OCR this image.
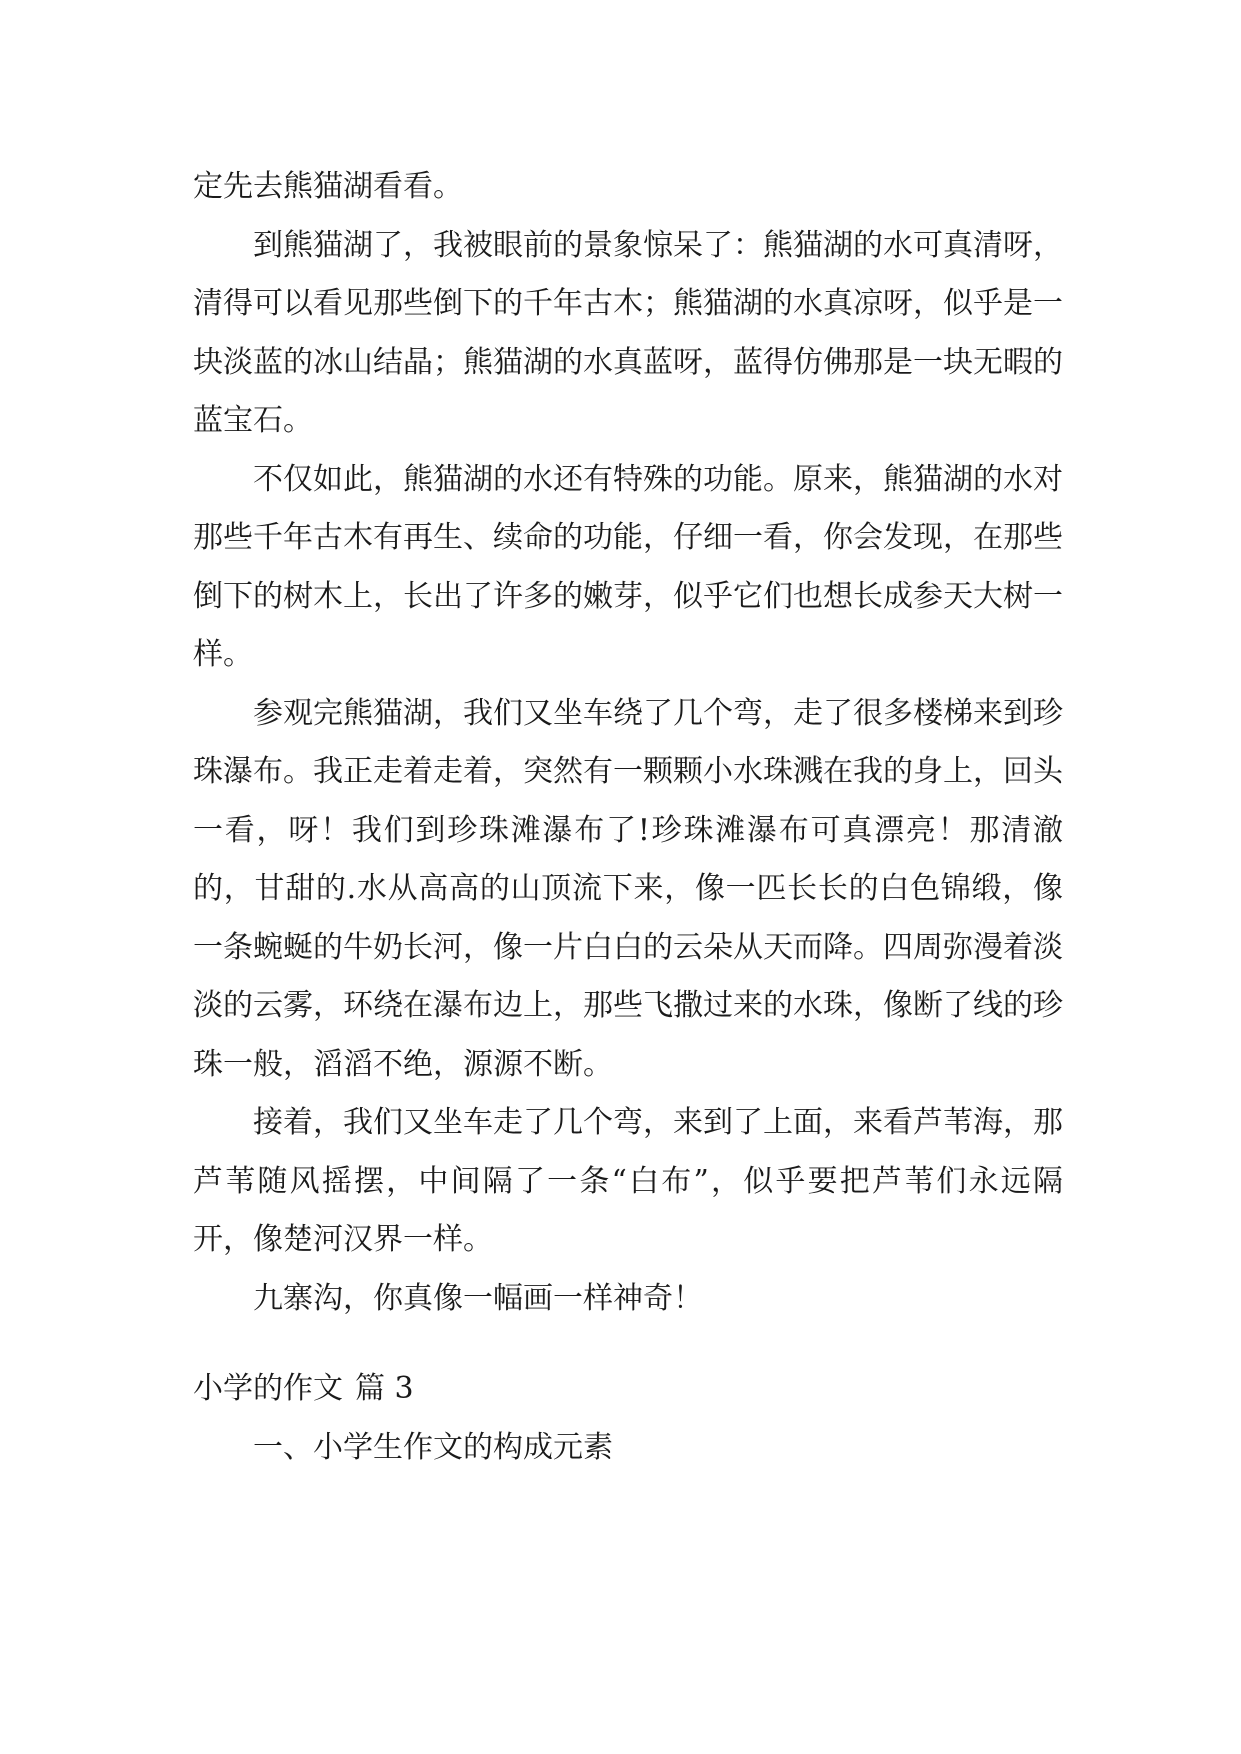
定先去熊猫湖看看。

到熊猫湖了，我被眼前的景象惊呆了：熊猫湖的水可真清呀，清得可以看见那些倒下的千年古木；熊猫湖的水真凉呀，似乎是一块淡蓝的冰山结晶；熊猫湖的水真蓝呀，蓝得仿佛那是一块无暇的蓝宝石。

不仅如此，熊猫湖的水还有特殊的功能。原来，熊猫湖的水对那些千年古木有再生、续命的功能，仔细一看，你会发现，在那些倒下的树木上，长出了许多的嫩芽，似乎它们也想长成参天大树一样。

参观完熊猫湖，我们又坐车绕了几个弯，走了很多楼梯来到珍珠瀑布。我正走着走着，突然有一颗颗小水珠溅在我的身上，回头一看，呀！我们到珍珠滩瀑布了!珍珠滩瀑布可真漂亮！那清澈的，甘甜的.水从高高的山顶流下来，像一匹长长的白色锦缎，像一条蜿蜒的牛奶长河，像一片白白的云朵从天而降。四周弥漫着淡淡的云雾，环绕在瀑布边上，那些飞撒过来的水珠，像断了线的珍珠一般，滔滔不绝，源源不断。

接着，我们又坐车走了几个弯，来到了上面，来看芦苇海，那芦苇随风摇摆，中间隔了一条“白布”，似乎要把芦苇们永远隔开，像楚河汉界一样。

九寨沟，你真像一幅画一样神奇！

小学的作文 篇 3

一、小学生作文的构成元素
